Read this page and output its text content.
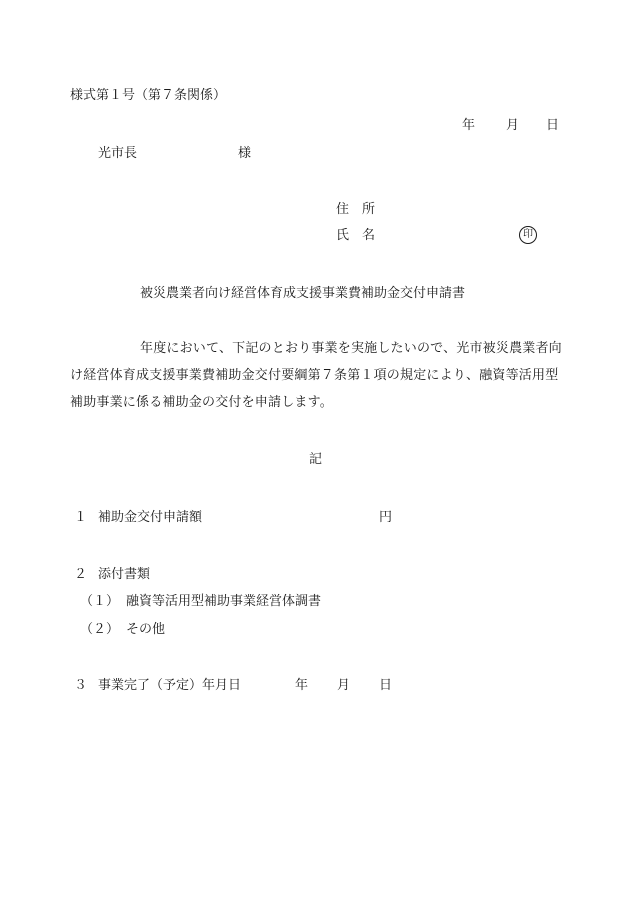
様式第１号（第７条関係）
年 月 日
光市長	様
住　所
氏　名	印
被災農業者向け経営体育成支援事業費補助金交付申請書
年度において、下記のとおり事業を実施したいので、光市被災農業者向け経営体育成支援事業費補助金交付要綱第７条第１項の規定により、融資等活用型補助事業に係る補助金の交付を申請します。
記
１ 補助金交付申請額	円
２ 添付書類
（１） 融資等活用型補助事業経営体調書
（２） その他
３ 事業完了（予定）年月日	年 月 日
